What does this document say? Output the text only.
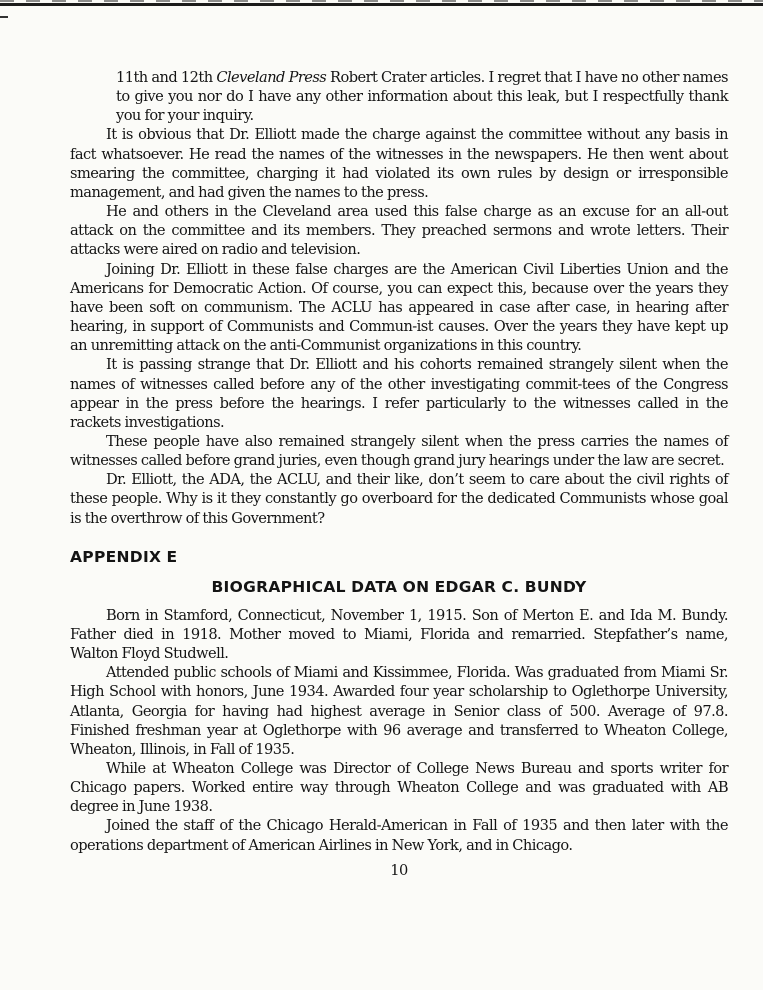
11th and 12th Cleveland Press Robert Crater articles. I regret that I have no other names to give you nor do I have any other information about this leak, but I respectfully thank you for your inquiry.

It is obvious that Dr. Elliott made the charge against the committee without any basis in fact whatsoever. He read the names of the witnesses in the newspapers. He then went about smearing the committee, charging it had violated its own rules by design or irresponsible management, and had given the names to the press.

He and others in the Cleveland area used this false charge as an excuse for an all-out attack on the committee and its members. They preached sermons and wrote letters. Their attacks were aired on radio and television.

Joining Dr. Elliott in these false charges are the American Civil Liberties Union and the Americans for Democratic Action. Of course, you can expect this, because over the years they have been soft on communism. The ACLU has appeared in case after case, in hearing after hearing, in support of Communists and Commun-ist causes. Over the years they have kept up an unremitting attack on the anti-Communist organizations in this country.

It is passing strange that Dr. Elliott and his cohorts remained strangely silent when the names of witnesses called before any of the other investigating commit-tees of the Congress appear in the press before the hearings. I refer particularly to the witnesses called in the rackets investigations.

These people have also remained strangely silent when the press carries the names of witnesses called before grand juries, even though grand jury hearings under the law are secret.

Dr. Elliott, the ADA, the ACLU, and their like, don’t seem to care about the civil rights of these people. Why is it they constantly go overboard for the dedicated Communists whose goal is the overthrow of this Government?

APPENDIX E
BIOGRAPHICAL DATA ON EDGAR C. BUNDY

Born in Stamford, Connecticut, November 1, 1915. Son of Merton E. and Ida M. Bundy. Father died in 1918. Mother moved to Miami, Florida and remarried. Stepfather’s name, Walton Floyd Studwell.

Attended public schools of Miami and Kissimmee, Florida. Was graduated from Miami Sr. High School with honors, June 1934. Awarded four year scholarship to Oglethorpe University, Atlanta, Georgia for having had highest average in Senior class of 500. Average of 97.8. Finished freshman year at Oglethorpe with 96 average and transferred to Wheaton College, Wheaton, Illinois, in Fall of 1935.

While at Wheaton College was Director of College News Bureau and sports writer for Chicago papers. Worked entire way through Wheaton College and was graduated with AB degree in June 1938.

Joined the staff of the Chicago Herald-American in Fall of 1935 and then later with the operations department of American Airlines in New York, and in Chicago.

10
